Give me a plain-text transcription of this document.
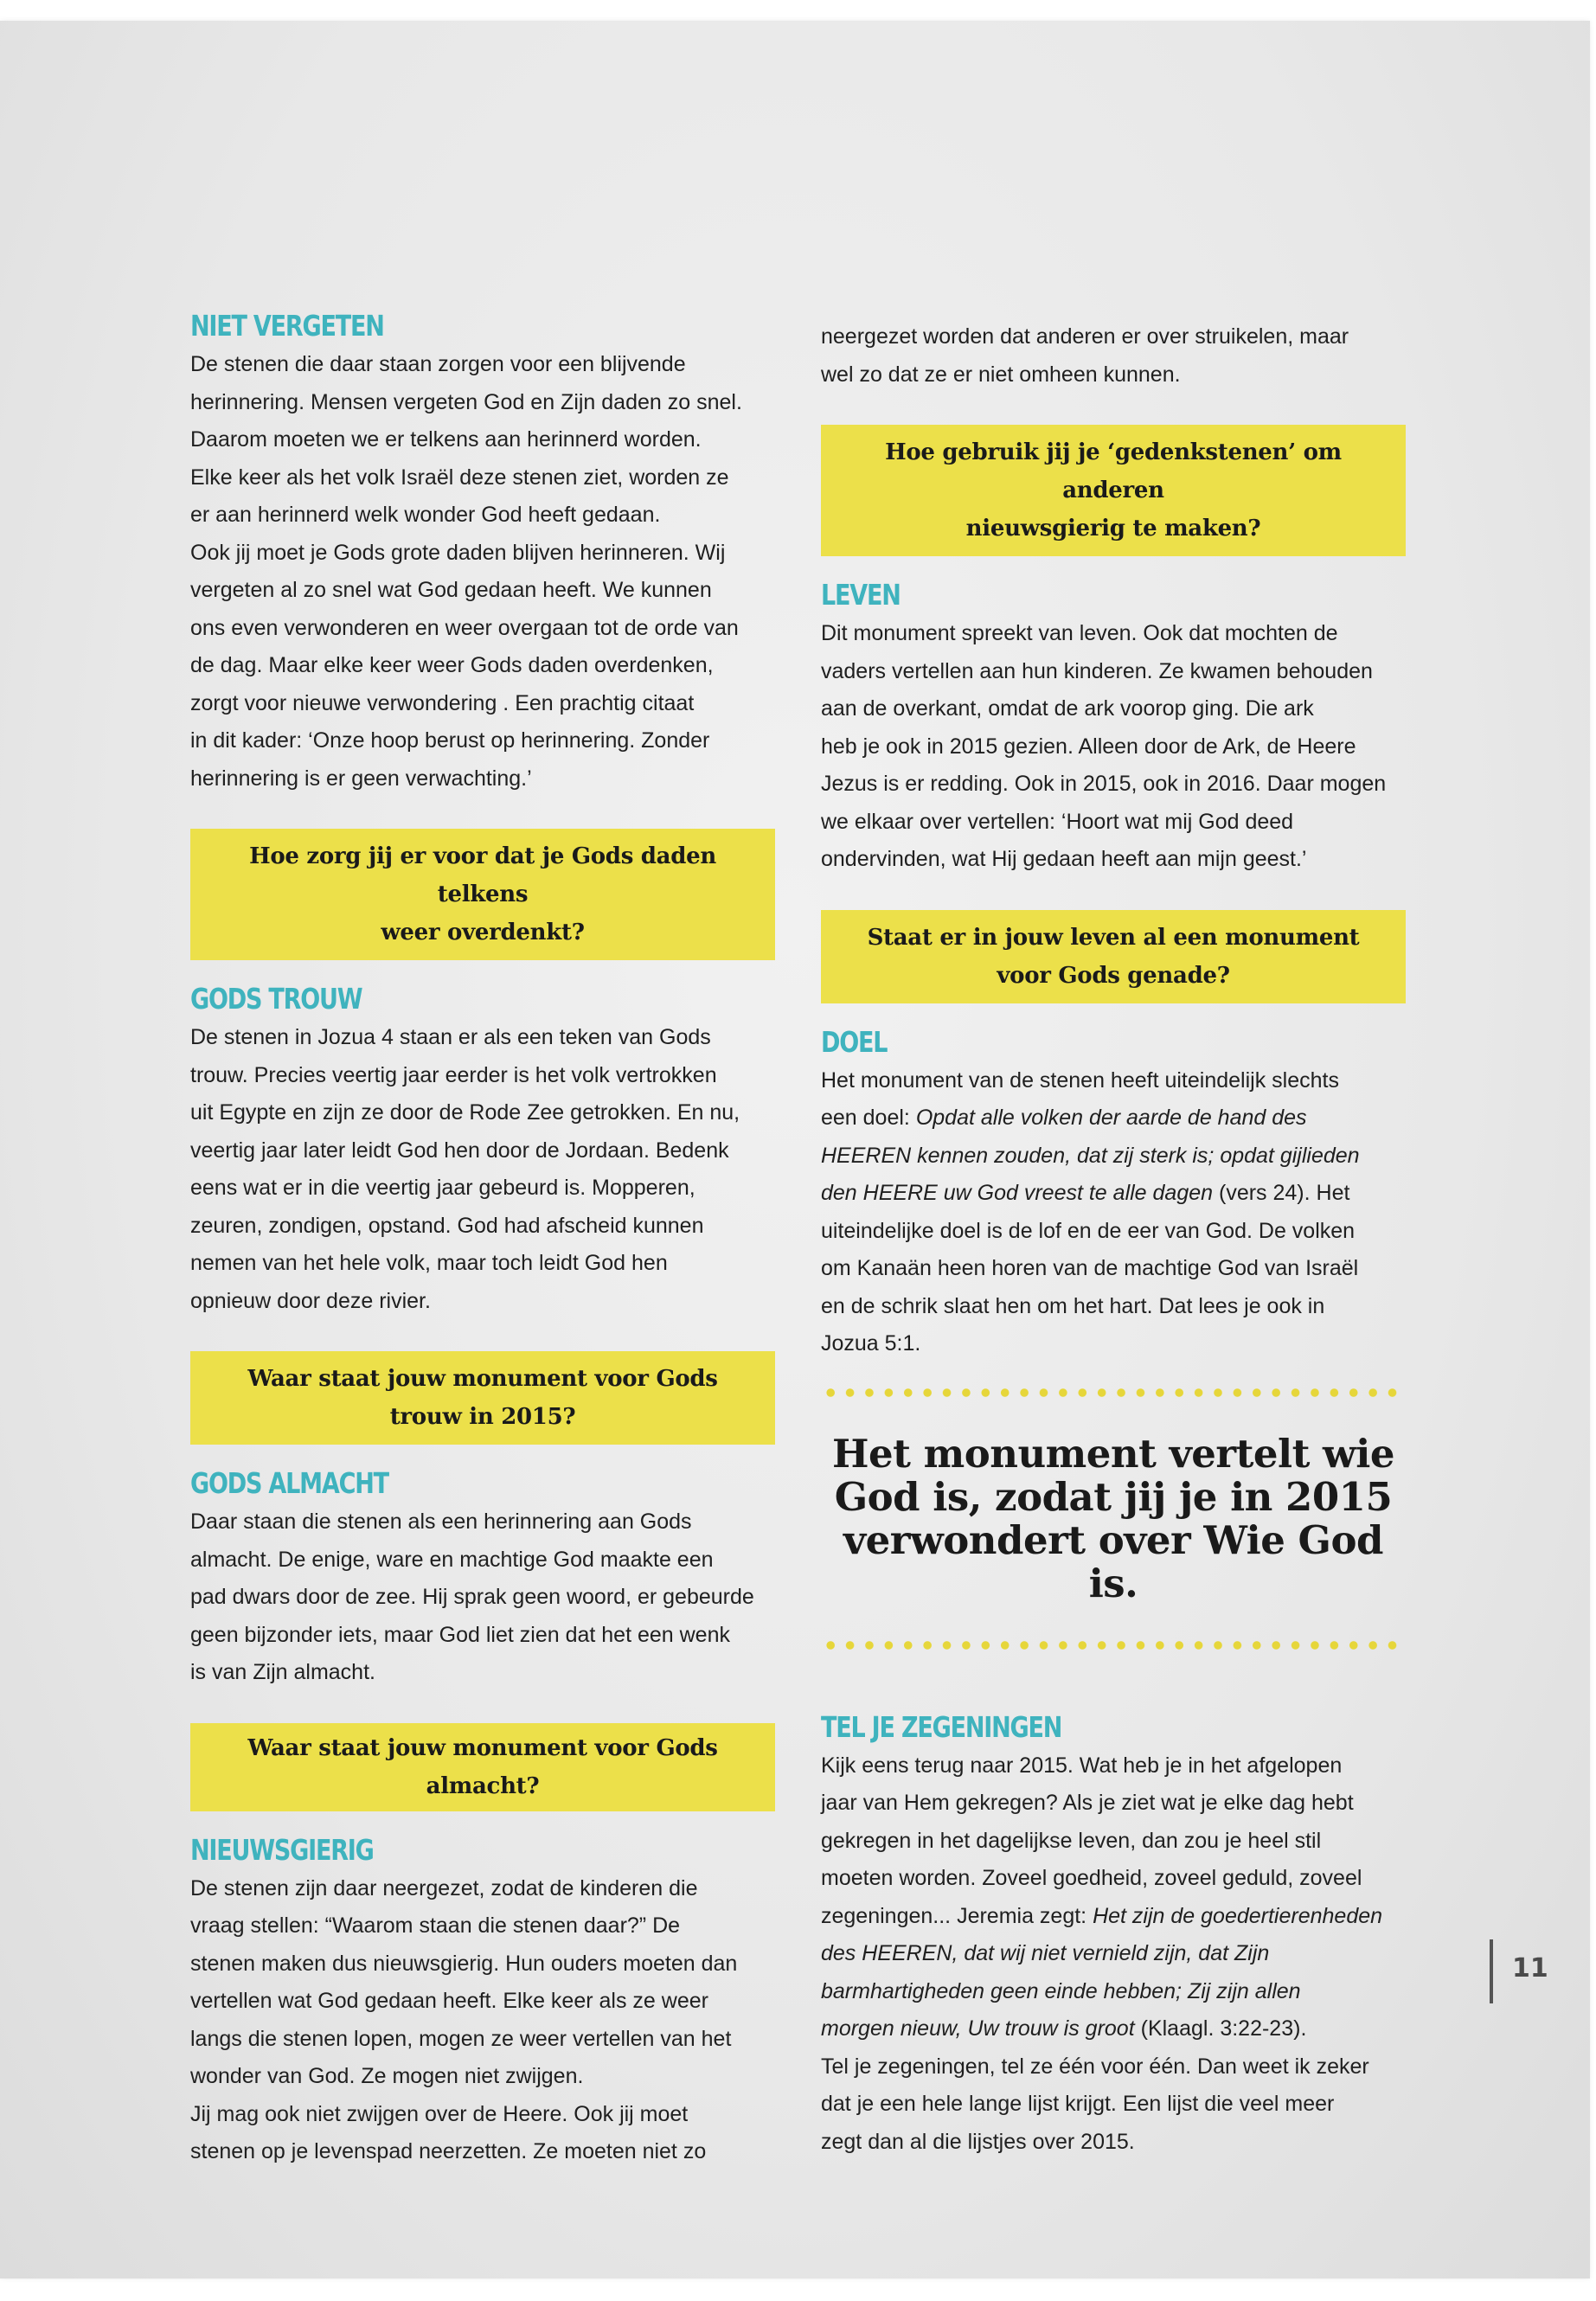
NIET VERGETEN

De stenen die daar staan zorgen voor een blijvende
herinnering. Mensen vergeten God en Zijn daden zo snel.
Daarom moeten we er telkens aan herinnerd worden.
Elke keer als het volk Israël deze stenen ziet, worden ze
er aan herinnerd welk wonder God heeft gedaan.
Ook jij moet je Gods grote daden blijven herinneren. Wij
vergeten al zo snel wat God gedaan heeft. We kunnen
ons even verwonderen en weer overgaan tot de orde van
de dag. Maar elke keer weer Gods daden overdenken,
zorgt voor nieuwe verwondering . Een prachtig citaat
in dit kader: ‘Onze hoop berust op herinnering. Zonder
herinnering is er geen verwachting.’

Hoe zorg jij er voor dat je Gods daden telkens
weer overdenkt?
GODS TROUW

De stenen in Jozua 4 staan er als een teken van Gods
trouw. Precies veertig jaar eerder is het volk vertrokken
uit Egypte en zijn ze door de Rode Zee getrokken. En nu,
veertig jaar later leidt God hen door de Jordaan. Bedenk
eens wat er in die veertig jaar gebeurd is. Mopperen,
zeuren, zondigen, opstand. God had afscheid kunnen
nemen van het hele volk, maar toch leidt God hen
opnieuw door deze rivier.

Waar staat jouw monument voor Gods
trouw in 2015?
GODS ALMACHT

Daar staan die stenen als een herinnering aan Gods
almacht. De enige, ware en machtige God maakte een
pad dwars door de zee. Hij sprak geen woord, er gebeurde
geen bijzonder iets, maar God liet zien dat het een wenk
is van Zijn almacht.

Waar staat jouw monument voor Gods almacht?
NIEUWSGIERIG

De stenen zijn daar neergezet, zodat de kinderen die
vraag stellen: “Waarom staan die stenen daar?” De
stenen maken dus nieuwsgierig. Hun ouders moeten dan
vertellen wat God gedaan heeft. Elke keer als ze weer
langs die stenen lopen, mogen ze weer vertellen van het
wonder van God. Ze mogen niet zwijgen.
Jij mag ook niet zwijgen over de Heere. Ook jij moet
stenen op je levenspad neerzetten. Ze moeten niet zo

neergezet worden dat anderen er over struikelen, maar
wel zo dat ze er niet omheen kunnen.

Hoe gebruik jij je ‘gedenkstenen’ om anderen
nieuwsgierig te maken?
LEVEN

Dit monument spreekt van leven. Ook dat mochten de
vaders vertellen aan hun kinderen. Ze kwamen behouden
aan de overkant, omdat de ark voorop ging. Die ark
heb je ook in 2015 gezien. Alleen door de Ark, de Heere
Jezus is er redding. Ook in 2015, ook in 2016. Daar mogen
we elkaar over vertellen: ‘Hoort wat mij God deed
ondervinden, wat Hij gedaan heeft aan mijn geest.’

Staat er in jouw leven al een monument
voor Gods genade?
DOEL

Het monument van de stenen heeft uiteindelijk slechts
een doel: Opdat alle volken der aarde de hand des
HEEREN kennen zouden, dat zij sterk is; opdat gijlieden
den HEERE uw God vreest te alle dagen (vers 24). Het
uiteindelijke doel is de lof en de eer van God. De volken
om Kanaän heen horen van de machtige God van Israël
en de schrik slaat hen om het hart. Dat lees je ook in
Jozua 5:1.

Het monument vertelt wie
God is, zodat jij je in 2015
verwondert over Wie God is.
TEL JE ZEGENINGEN

Kijk eens terug naar 2015. Wat heb je in het afgelopen
jaar van Hem gekregen? Als je ziet wat je elke dag hebt
gekregen in het dagelijkse leven, dan zou je heel stil
moeten worden. Zoveel goedheid, zoveel geduld, zoveel
zegeningen... Jeremia zegt: Het zijn de goedertierenheden
des HEEREN, dat wij niet vernield zijn, dat Zijn
barmhartigheden geen einde hebben; Zij zijn allen
morgen nieuw, Uw trouw is groot (Klaagl. 3:22-23).
Tel je zegeningen, tel ze één voor één. Dan weet ik zeker
dat je een hele lange lijst krijgt. Een lijst die veel meer
zegt dan al die lijstjes over 2015.

11
